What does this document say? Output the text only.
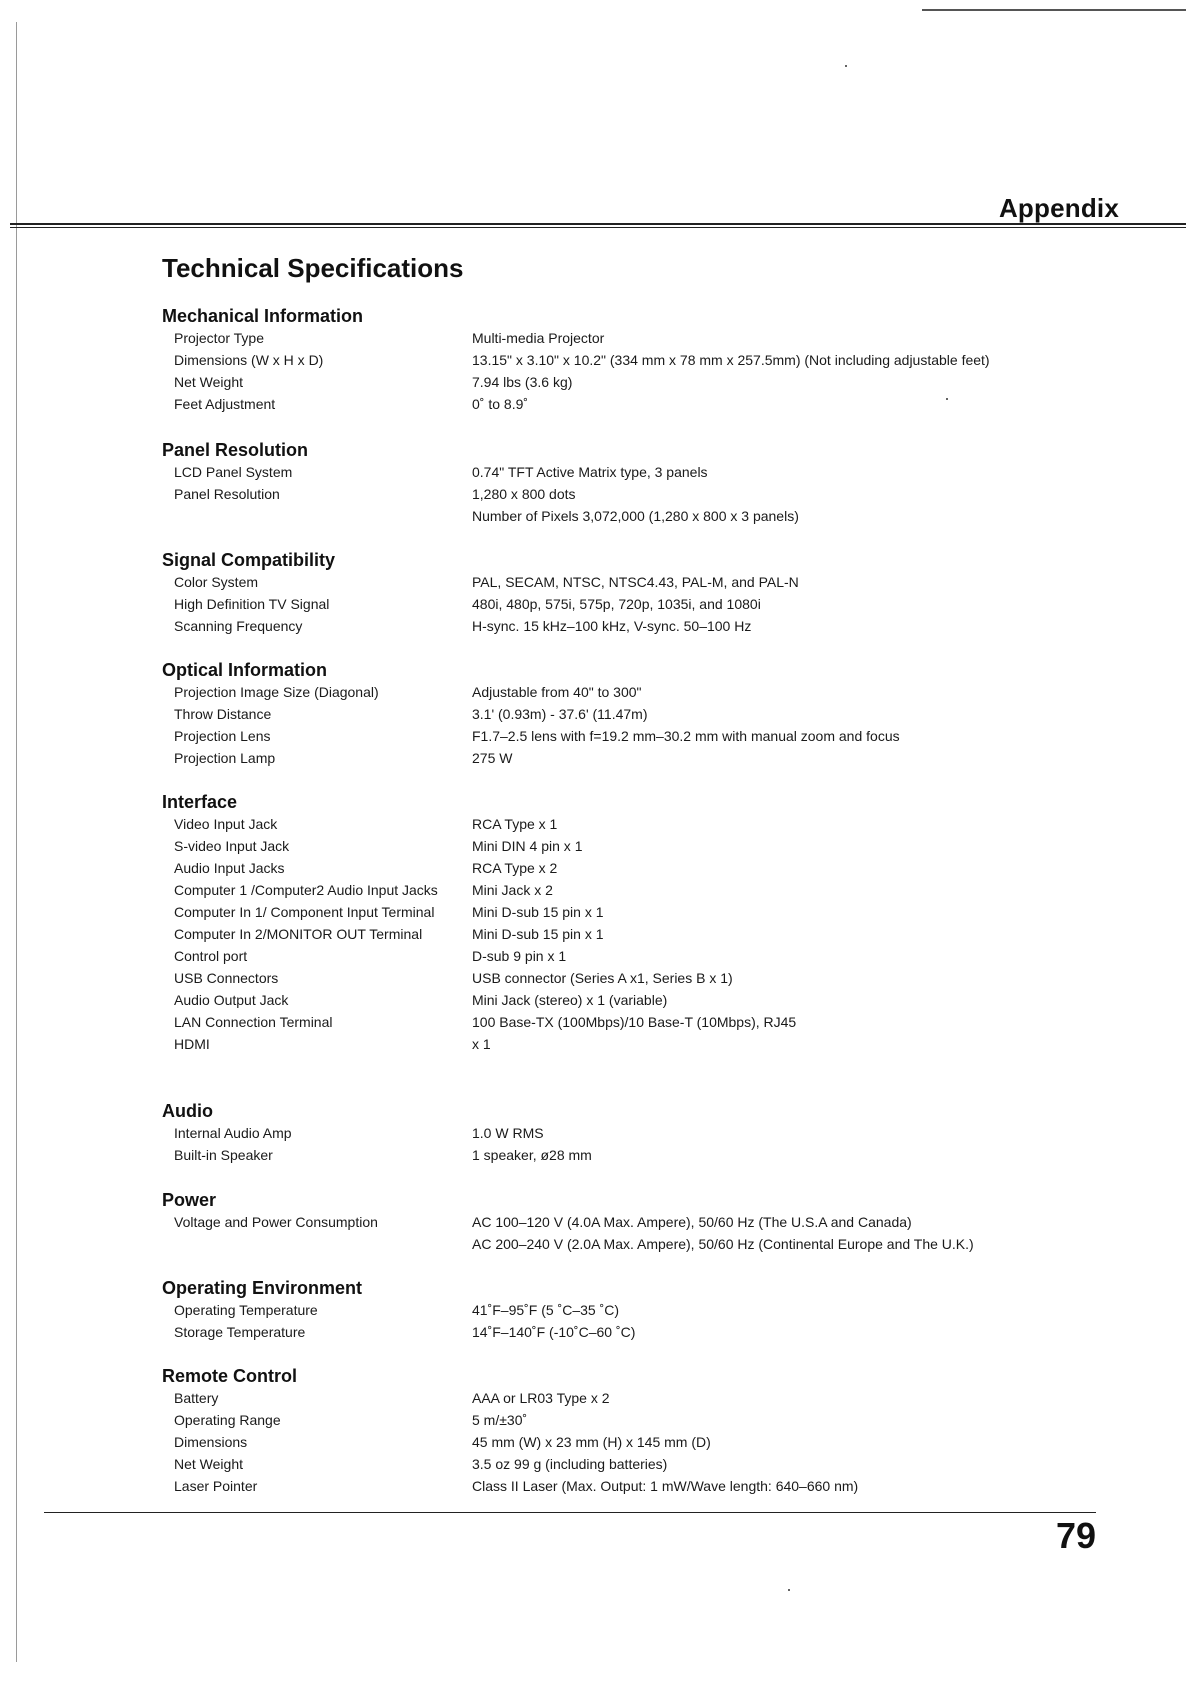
Appendix
Technical Specifications
Mechanical Information
Projector Type	Multi-media Projector
Dimensions (W x H x D)	13.15" x 3.10" x 10.2" (334 mm x 78 mm x 257.5mm) (Not including adjustable feet)
Net Weight	7.94 lbs (3.6 kg)
Feet Adjustment	0˚ to 8.9˚
Panel Resolution
LCD Panel System	0.74" TFT Active Matrix type, 3 panels
Panel Resolution	1,280 x 800 dots
Number of Pixels 3,072,000 (1,280 x 800 x 3 panels)
Signal Compatibility
Color System	PAL, SECAM, NTSC, NTSC4.43, PAL-M, and PAL-N
High Definition TV Signal	480i, 480p, 575i, 575p, 720p, 1035i, and 1080i
Scanning Frequency	H-sync. 15 kHz–100 kHz, V-sync. 50–100 Hz
Optical Information
Projection Image Size (Diagonal)	Adjustable from 40" to 300"
Throw Distance	3.1' (0.93m) - 37.6' (11.47m)
Projection Lens	F1.7–2.5 lens with f=19.2 mm–30.2 mm with manual zoom and focus
Projection Lamp	275 W
Interface
Video Input Jack	RCA Type x 1
S-video Input Jack	Mini DIN 4 pin x 1
Audio Input Jacks	RCA Type x 2
Computer 1 /Computer2 Audio Input Jacks Mini Jack x 2
Computer In 1/ Component Input Terminal	Mini D-sub 15 pin x 1
Computer In 2/MONITOR OUT Terminal	Mini D-sub 15 pin x 1
Control port	D-sub 9 pin x 1
USB Connectors	USB connector (Series A x1, Series B x 1)
Audio Output Jack	Mini Jack (stereo) x 1 (variable)
LAN Connection Terminal	100 Base-TX (100Mbps)/10 Base-T (10Mbps), RJ45
HDMI	x 1
Audio
Internal Audio Amp	1.0 W RMS
Built-in Speaker	1 speaker, ø28 mm
Power
Voltage and Power Consumption	AC 100–120 V (4.0A Max. Ampere), 50/60 Hz (The U.S.A and Canada)
AC 200–240 V (2.0A Max. Ampere), 50/60 Hz (Continental Europe and The U.K.)
Operating Environment
Operating Temperature	41˚F–95˚F (5 ˚C–35 ˚C)
Storage Temperature	14˚F–140˚F (-10˚C–60 ˚C)
Remote Control
Battery	AAA or LR03 Type x 2
Operating Range	5 m/±30˚
Dimensions	45 mm (W) x 23 mm (H) x 145 mm (D)
Net Weight	3.5 oz 99 g (including batteries)
Laser Pointer	Class II Laser (Max. Output: 1 mW/Wave length: 640–660 nm)
79
